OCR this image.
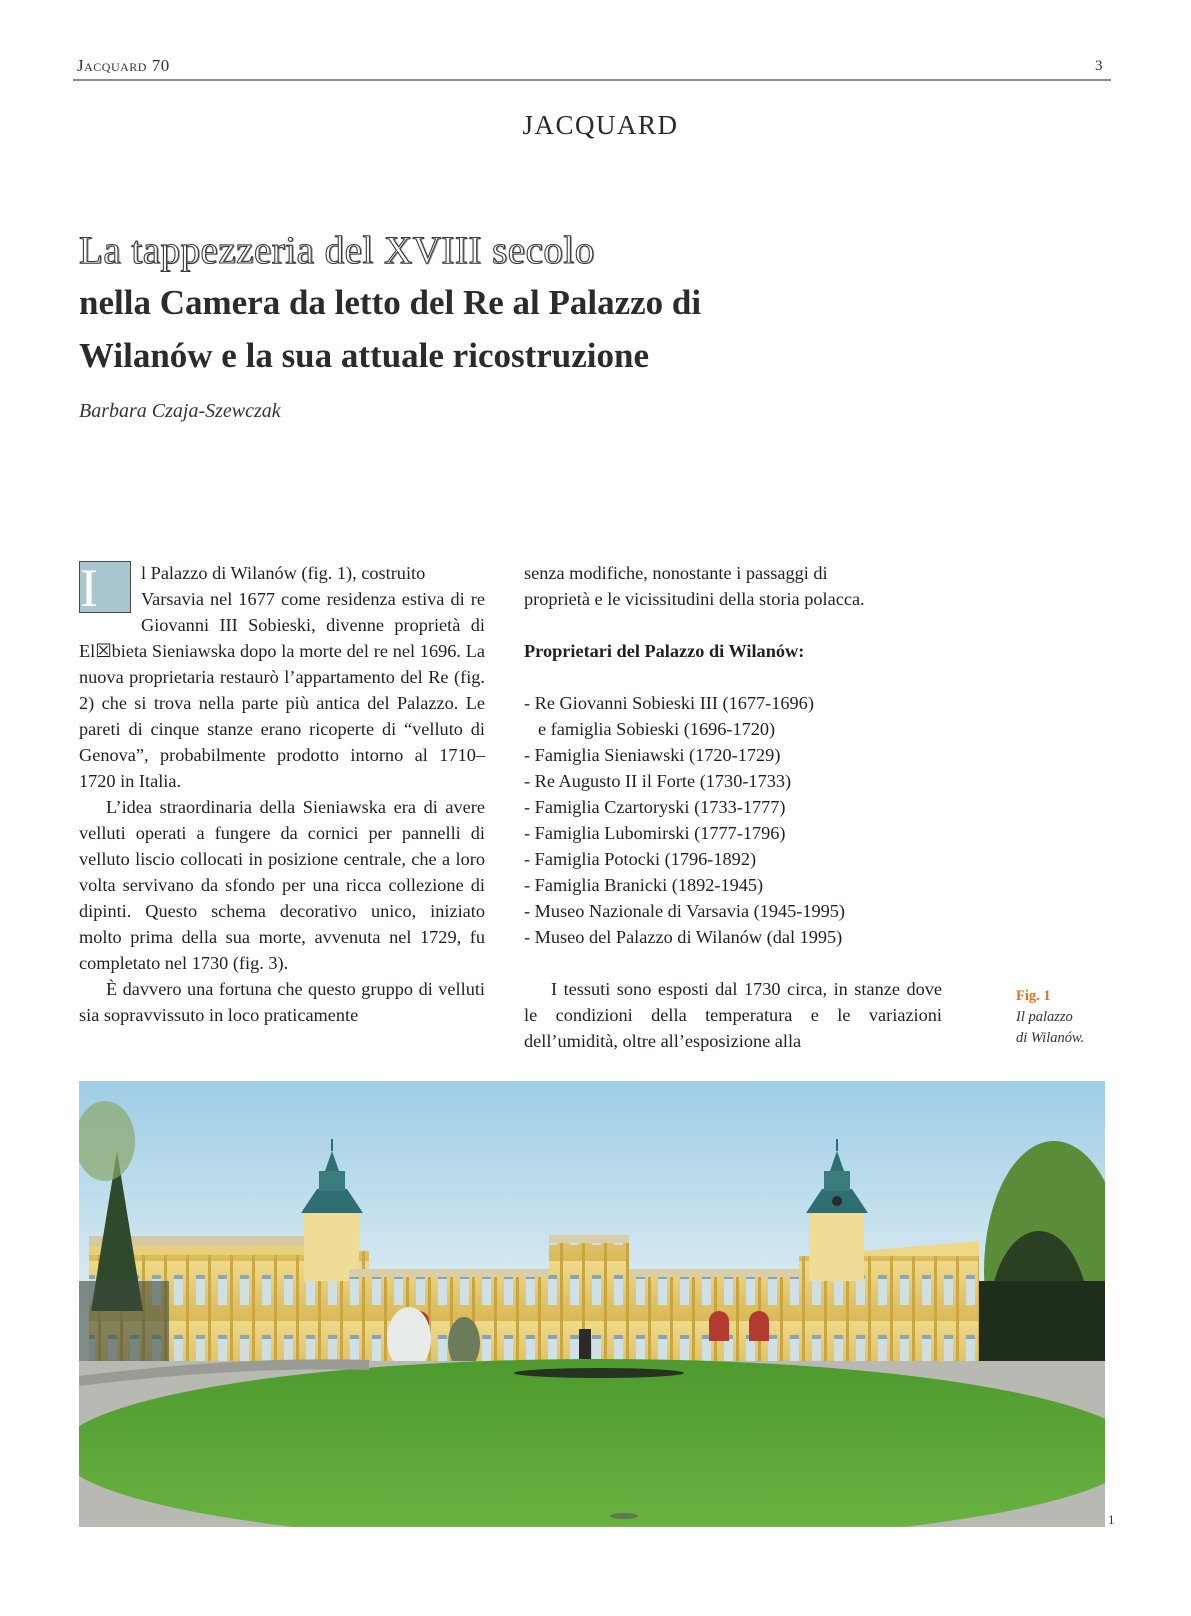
Jacquard 70	3
JACQUARD
La tappezzeria del XVIII secolo
nella Camera da letto del Re al Palazzo di
Wilanów e la sua attuale ricostruzione
Barbara Czaja-Szewczak

I	l Palazzo di Wilanów (fig. 1), costruito
Varsavia nel 1677 come residenza estiva di re Giovanni III Sobieski, divenne proprietà di El☒bieta Sieniawska dopo la morte del re nel 1696. La nuova proprietaria restaurò l’appartamento del Re (fig. 2) che si trova nella parte più antica del Palazzo. Le pareti di cinque stanze erano ricoperte di “velluto di Genova”, probabilmente prodotto intorno al 1710–1720 in Italia.

L’idea straordinaria della Sieniawska era di avere velluti operati a fungere da cornici per pannelli di velluto liscio collocati in posizione centrale, che a loro volta servivano da sfondo per una ricca collezione di dipinti. Questo schema decorativo unico, iniziato molto prima della sua morte, avvenuta nel 1729, fu completato nel 1730 (fig. 3).

È davvero una fortuna che questo gruppo di velluti sia sopravvissuto in loco praticamente

senza modifiche, nonostante i passaggi di
proprietà e le vicissitudini della storia polacca.

Proprietari del Palazzo di Wilanów:

- Re Giovanni Sobieski III (1677-1696)
e famiglia Sobieski (1696-1720)
- Famiglia Sieniawski (1720-1729)
- Re Augusto II il Forte (1730-1733)
- Famiglia Czartoryski (1733-1777)
- Famiglia Lubomirski (1777-1796)
- Famiglia Potocki (1796-1892)
- Famiglia Branicki (1892-1945)
- Museo Nazionale di Varsavia (1945-1995)
- Museo del Palazzo di Wilanów (dal 1995)

I tessuti sono esposti dal 1730 circa, in stanze dove le condizioni della temperatura e le variazioni dell’umidità, oltre all’esposizione alla

Fig. 1
Il palazzo
di Wilanów.
1
